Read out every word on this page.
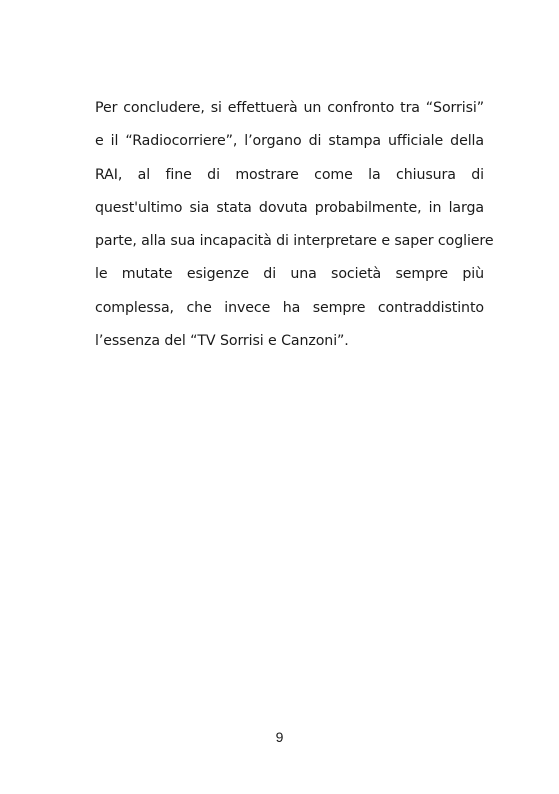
Per concludere, si effettuerà un confronto tra “Sorrisi”
e il “Radiocorriere”, l’organo di stampa ufficiale della
RAI, al fine di mostrare come la chiusura di
quest'ultimo sia stata dovuta probabilmente, in larga
parte, alla sua incapacità di interpretare e saper cogliere
le mutate esigenze di una società sempre più
complessa, che invece ha sempre contraddistinto
l’essenza del “TV Sorrisi e Canzoni”.
9
